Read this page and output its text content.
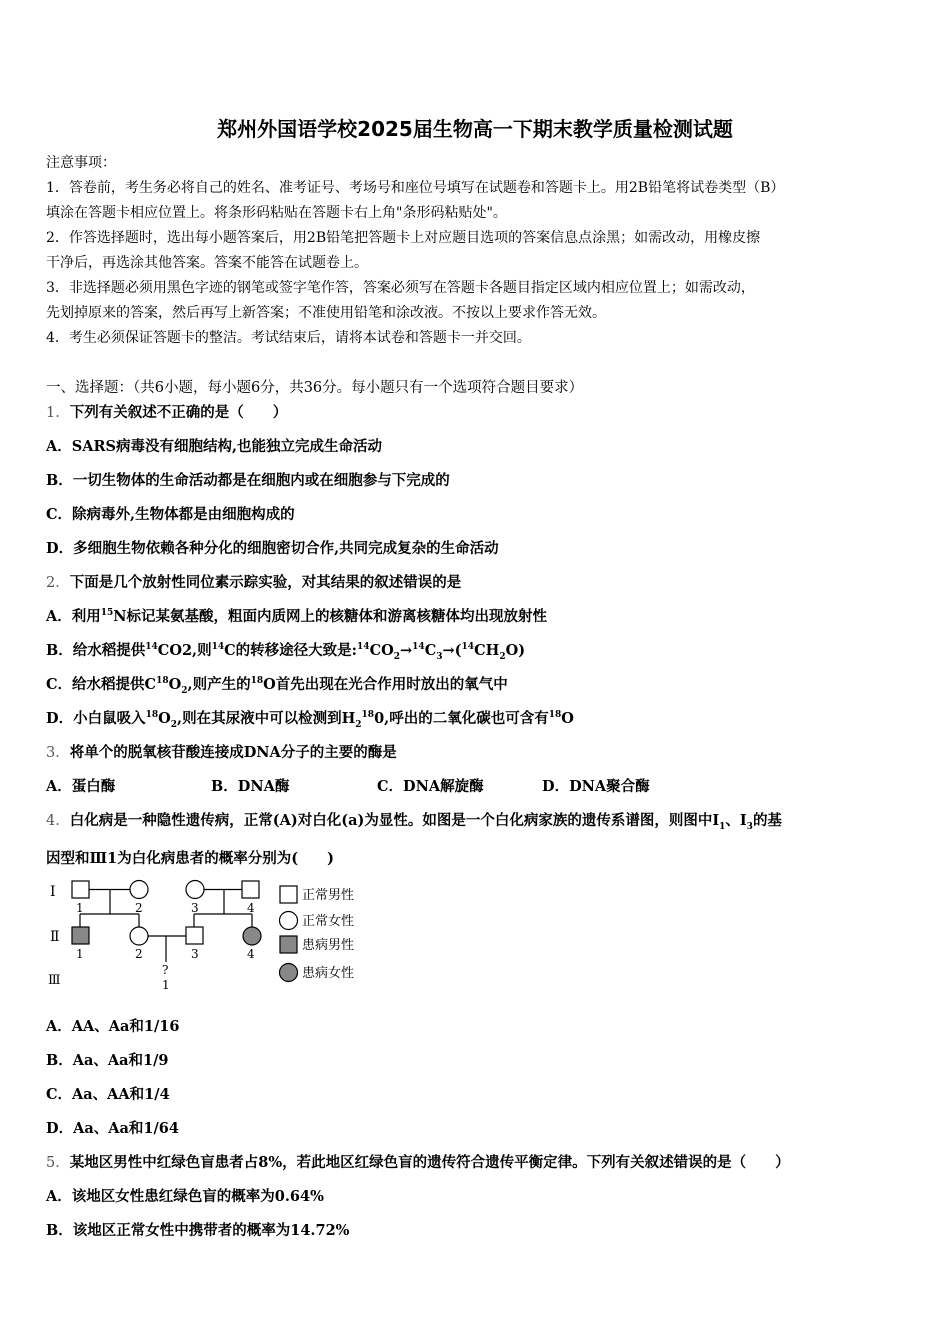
郑州外国语学校2025届生物高一下期末教学质量检测试题
注意事项：
1．答卷前，考生务必将自己的姓名、准考证号、考场号和座位号填写在试题卷和答题卡上。用2B铅笔将试卷类型（B）
填涂在答题卡相应位置上。将条形码粘贴在答题卡右上角"条形码粘贴处"。
2．作答选择题时，选出每小题答案后，用2B铅笔把答题卡上对应题目选项的答案信息点涂黑；如需改动，用橡皮擦
干净后，再选涂其他答案。答案不能答在试题卷上。
3．非选择题必须用黑色字迹的钢笔或签字笔作答，答案必须写在答题卡各题目指定区域内相应位置上；如需改动，
先划掉原来的答案，然后再写上新答案；不准使用铅笔和涂改液。不按以上要求作答无效。
4．考生必须保证答题卡的整洁。考试结束后，请将本试卷和答题卡一并交回。
一、选择题：（共6小题，每小题6分，共36分。每小题只有一个选项符合题目要求）
1．下列有关叙述不正确的是（　　）
A．SARS病毒没有细胞结构,也能独立完成生命活动
B．一切生物体的生命活动都是在细胞内或在细胞参与下完成的
C．除病毒外,生物体都是由细胞构成的
D．多细胞生物依赖各种分化的细胞密切合作,共同完成复杂的生命活动
2．下面是几个放射性同位素示踪实验，对其结果的叙述错误的是
A．利用$^{15}$N标记某氨基酸，粗面内质网上的核糖体和游离核糖体均出现放射性
B．给水稻提供$^{14}$CO2,则$^{14}$C的转移途径大致是$:^{14}CO_2\to^{14}C_3\to(^{14}CH_2O)$
C．给水稻提供$C^{18}O_2$,则产生的$^{18}$O首先出现在光合作用时放出的氧气中
D．小白鼠吸入$^{18}O_2$,则在其尿液中可以检测到$H_2^{18}0$,呼出的二氧化碳也可含有$^{18}$O
3．将单个的脱氧核苷酸连接成DNA分子的主要的酶是
A．蛋白酶	B．DNA酶	C．DNA解旋酶	D．DNA聚合酶
4．白化病是一种隐性遗传病，正常(A)对白化(a)为显性。如图是一个白化病家族的遗传系谱图，则图中$Ⅰ_1$、$Ⅰ_3$的基
因型和Ⅲ1为白化病患者的概率分别为(　　)
Ⅰ
Ⅱ
Ⅲ
1	2	3	4
1	2	3	4
?
1
正常男性
正常女性
患病男性
患病女性
A．AA、Aa和1/16
B．Aa、Aa和1/9
C．Aa、AA和1/4
D．Aa、Aa和1/64
5．某地区男性中红绿色盲患者占8%，若此地区红绿色盲的遗传符合遗传平衡定律。下列有关叙述错误的是（　　）
A．该地区女性患红绿色盲的概率为0.64%
B．该地区正常女性中携带者的概率为14.72%
